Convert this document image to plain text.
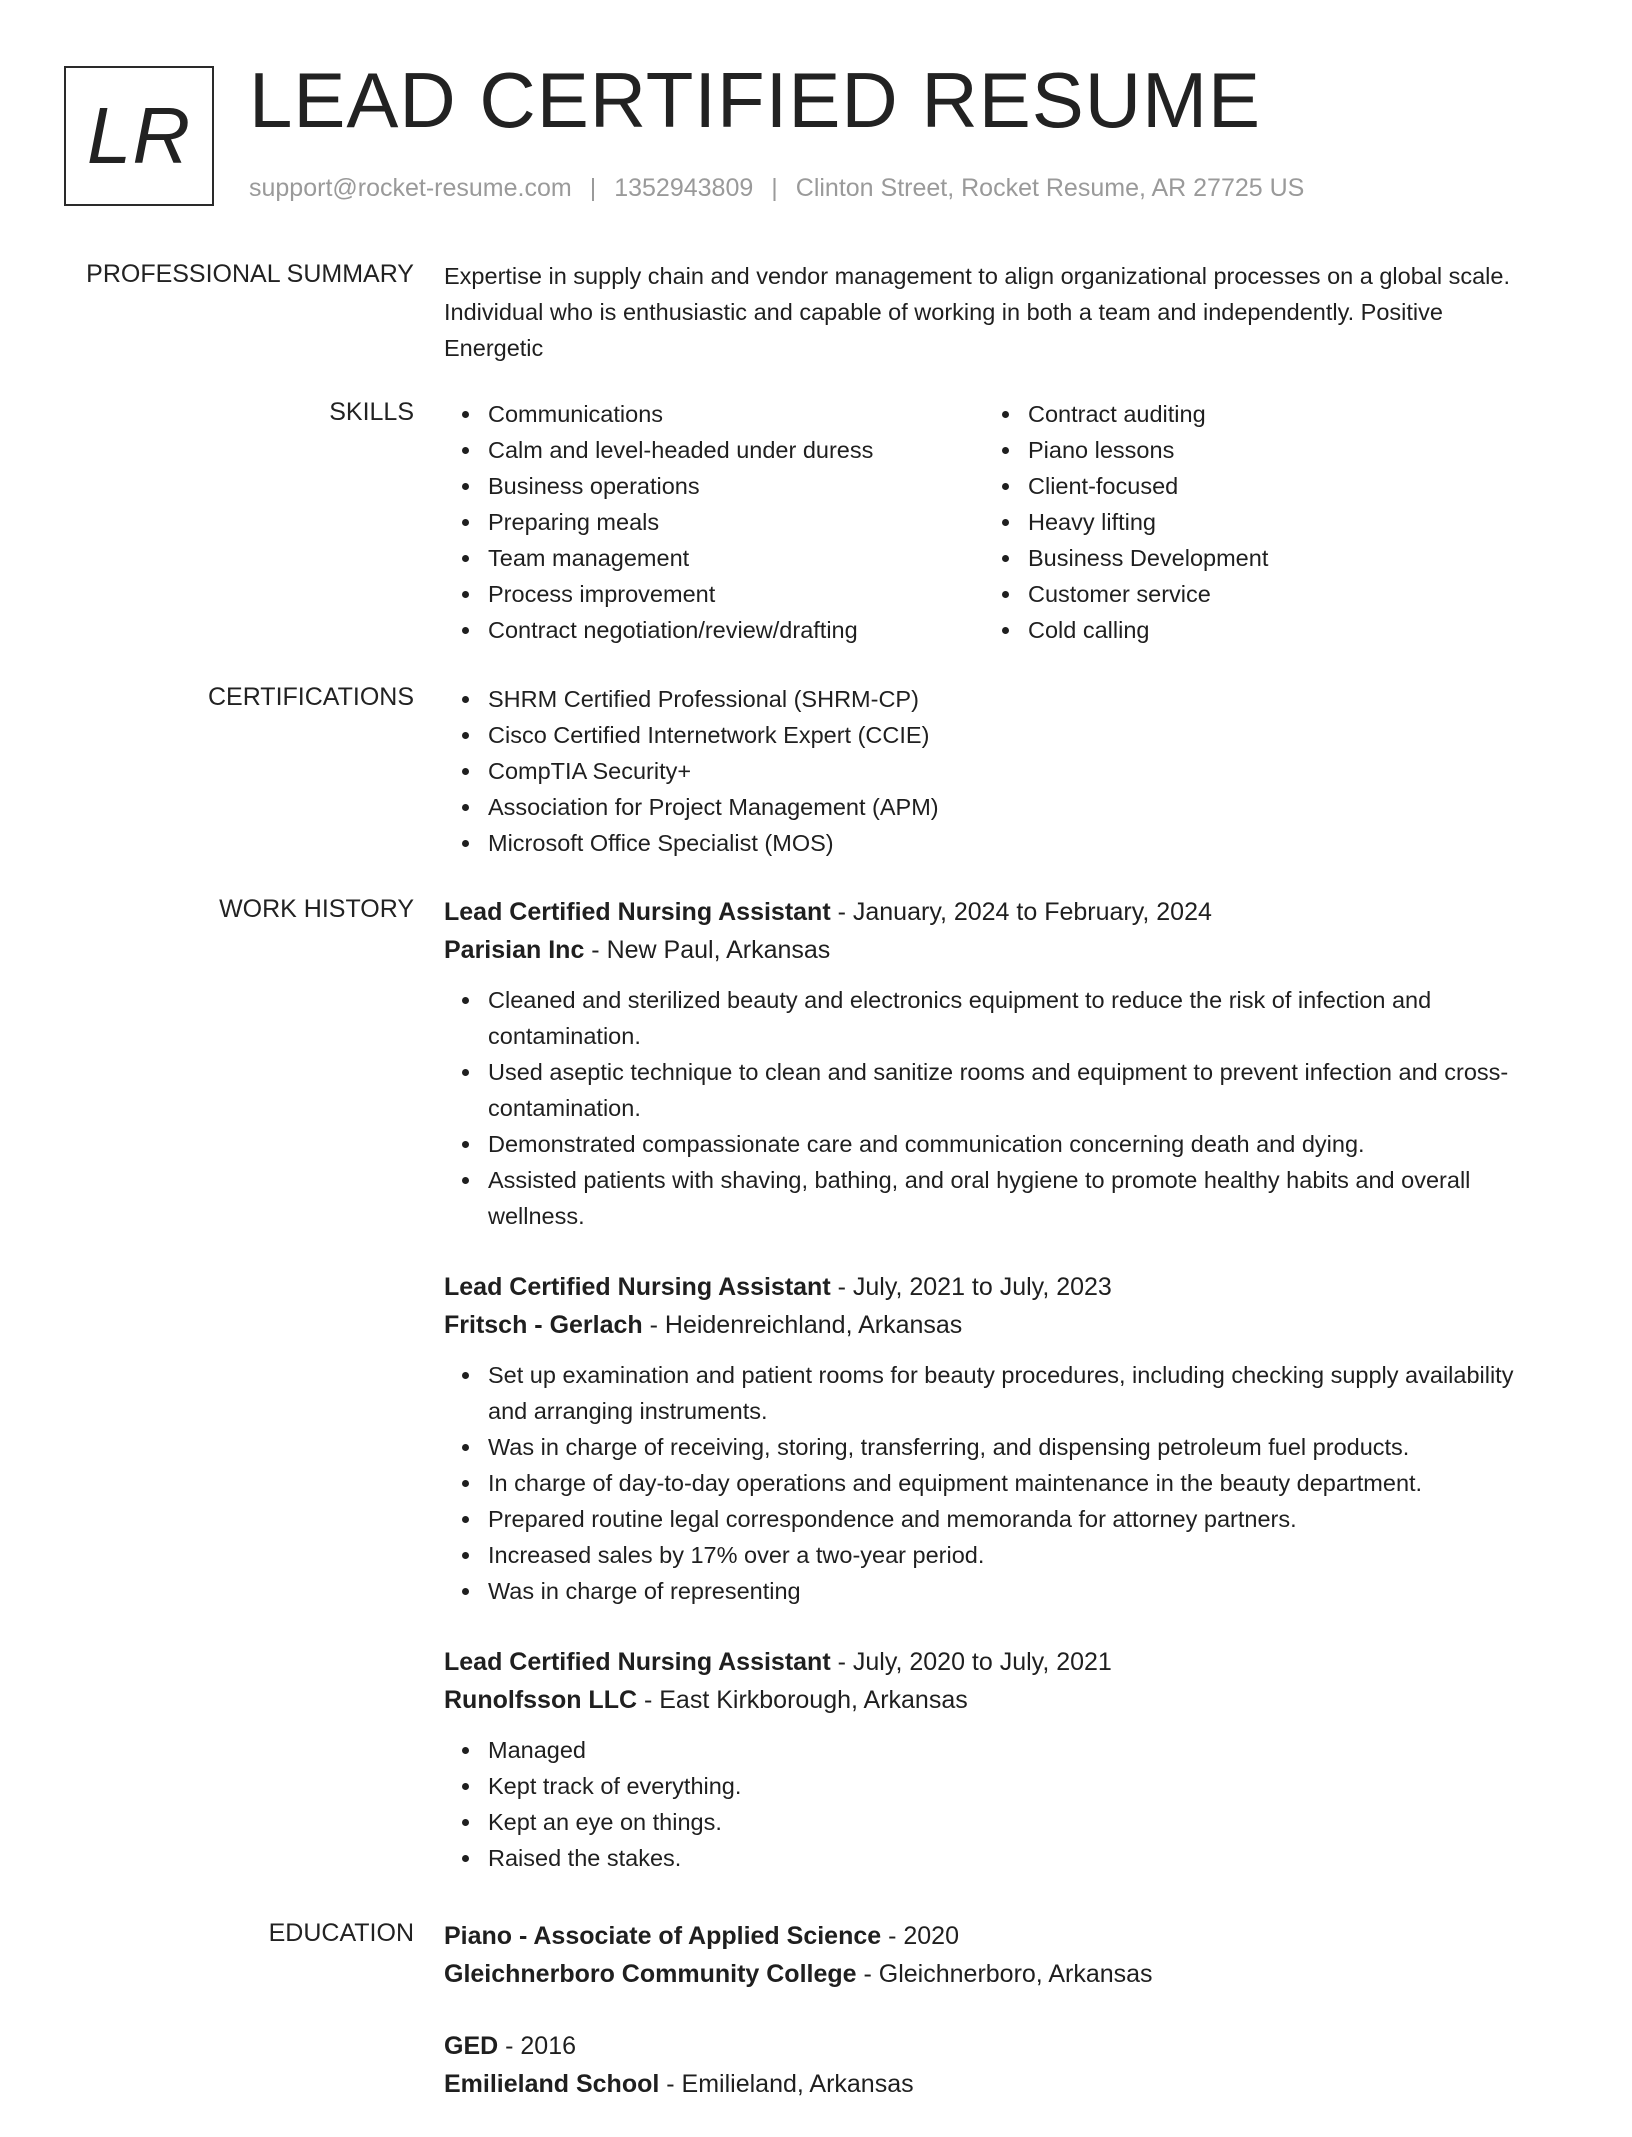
LR LEAD CERTIFIED RESUME
support@rocket-resume.com | 1352943809 | Clinton Street, Rocket Resume, AR 27725 US
PROFESSIONAL SUMMARY Expertise in supply chain and vendor management to align organizational processes on a global scale. Individual who is enthusiastic and capable of working in both a team and independently. Positive Energetic
SKILLS	Communications
Calm and level-headed under duress
Business operations
Preparing meals
Team management
Process improvement
Contract negotiation/review/drafting
Contract auditing
Piano lessons
Client-focused
Heavy lifting
Business Development
Customer service
Cold calling
CERTIFICATIONS	SHRM Certified Professional (SHRM-CP)
Cisco Certified Internetwork Expert (CCIE)
CompTIA Security+
Association for Project Management (APM)
Microsoft Office Specialist (MOS)
WORK HISTORY Lead Certified Nursing Assistant - January, 2024 to February, 2024
Parisian Inc - New Paul, Arkansas
Cleaned and sterilized beauty and electronics equipment to reduce the risk of infection and contamination.
Used aseptic technique to clean and sanitize rooms and equipment to prevent infection and cross-contamination.
Demonstrated compassionate care and communication concerning death and dying.
Assisted patients with shaving, bathing, and oral hygiene to promote healthy habits and overall wellness.
Lead Certified Nursing Assistant - July, 2021 to July, 2023
Fritsch - Gerlach - Heidenreichland, Arkansas
Set up examination and patient rooms for beauty procedures, including checking supply availability and arranging instruments.
Was in charge of receiving, storing, transferring, and dispensing petroleum fuel products.
In charge of day-to-day operations and equipment maintenance in the beauty department.
Prepared routine legal correspondence and memoranda for attorney partners.
Increased sales by 17% over a two-year period.
Was in charge of representing
Lead Certified Nursing Assistant - July, 2020 to July, 2021
Runolfsson LLC - East Kirkborough, Arkansas
Managed
Kept track of everything.
Kept an eye on things.
Raised the stakes.
EDUCATION Piano - Associate of Applied Science - 2020
Gleichnerboro Community College - Gleichnerboro, Arkansas
GED - 2016
Emilieland School - Emilieland, Arkansas
